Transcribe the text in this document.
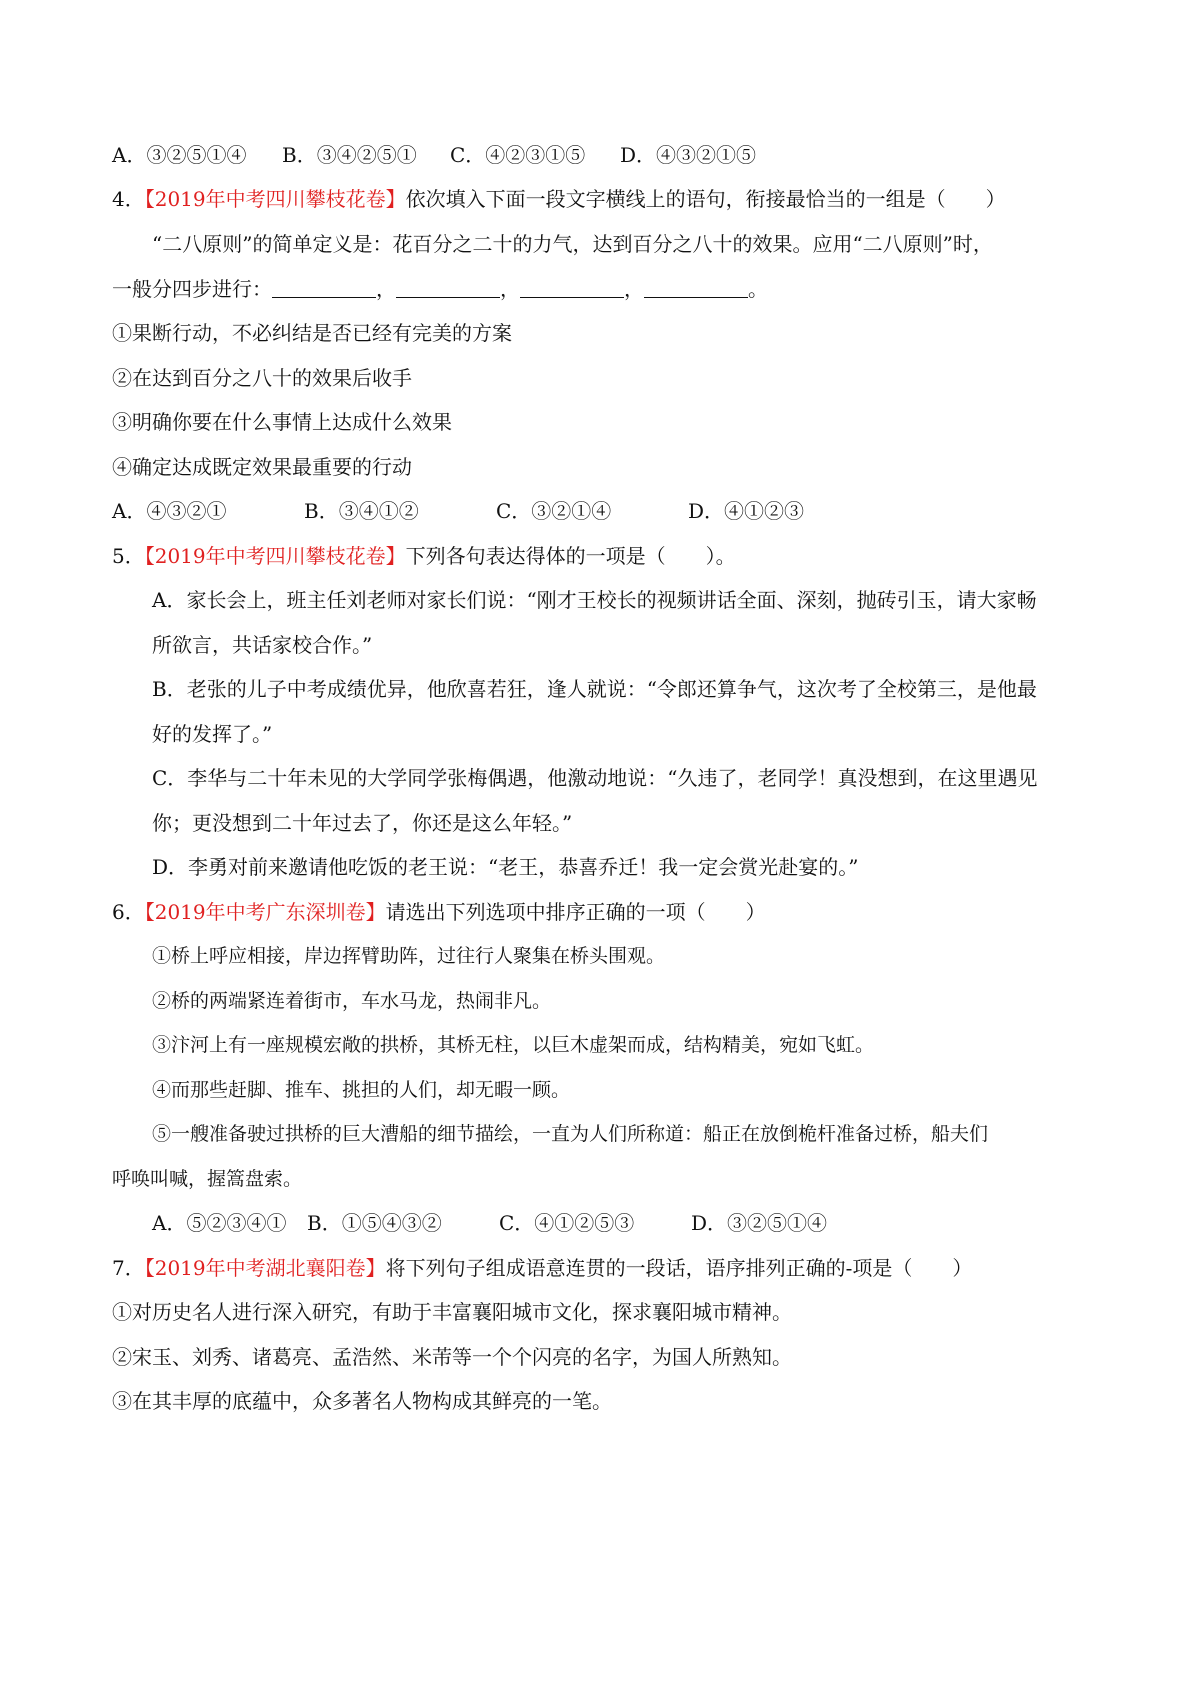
A．③②⑤①④ B．③④②⑤① C．④②③①⑤ D．④③②①⑤
4．【2019年中考四川攀枝花卷】依次填入下面一段文字横线上的语句，衔接最恰当的一组是（　　）
“二八原则”的简单定义是：花百分之二十的力气，达到百分之八十的效果。应用“二八原则”时，
一般分四步进行：	，	，	，	。
①果断行动，不必纠结是否已经有完美的方案
②在达到百分之八十的效果后收手
③明确你要在什么事情上达成什么效果
④确定达成既定效果最重要的行动
A．④③②①	B．③④①②	C．③②①④	D．④①②③
5．【2019年中考四川攀枝花卷】下列各句表达得体的一项是（　　）。
A．家长会上，班主任刘老师对家长们说：“刚才王校长的视频讲话全面、深刻，抛砖引玉，请大家畅
所欲言，共话家校合作。”
B．老张的儿子中考成绩优异，他欣喜若狂，逢人就说：“令郎还算争气，这次考了全校第三，是他最
好的发挥了。”
C．李华与二十年未见的大学同学张梅偶遇，他激动地说：“久违了，老同学！真没想到，在这里遇见
你；更没想到二十年过去了，你还是这么年轻。”
D．李勇对前来邀请他吃饭的老王说：“老王，恭喜乔迁！我一定会赏光赴宴的。”
6．【2019年中考广东深圳卷】请选出下列选项中排序正确的一项（　　）
①桥上呼应相接，岸边挥臂助阵，过往行人聚集在桥头围观。
②桥的两端紧连着街市，车水马龙，热闹非凡。
③汴河上有一座规模宏敞的拱桥，其桥无柱，以巨木虚架而成，结构精美，宛如飞虹。
④而那些赶脚、推车、挑担的人们，却无暇一顾。
⑤一艘准备驶过拱桥的巨大漕船的细节描绘，一直为人们所称道：船正在放倒桅杆准备过桥，船夫们
呼唤叫喊，握篙盘索。
A．⑤②③④① B．①⑤④③②	C．④①②⑤③	D．③②⑤①④
7．【2019年中考湖北襄阳卷】将下列句子组成语意连贯的一段话，语序排列正确的-项是（　　）
①对历史名人进行深入研究，有助于丰富襄阳城市文化，探求襄阳城市精神。
②宋玉、刘秀、诸葛亮、孟浩然、米芾等一个个闪亮的名字，为国人所熟知。
③在其丰厚的底蕴中，众多著名人物构成其鲜亮的一笔。
